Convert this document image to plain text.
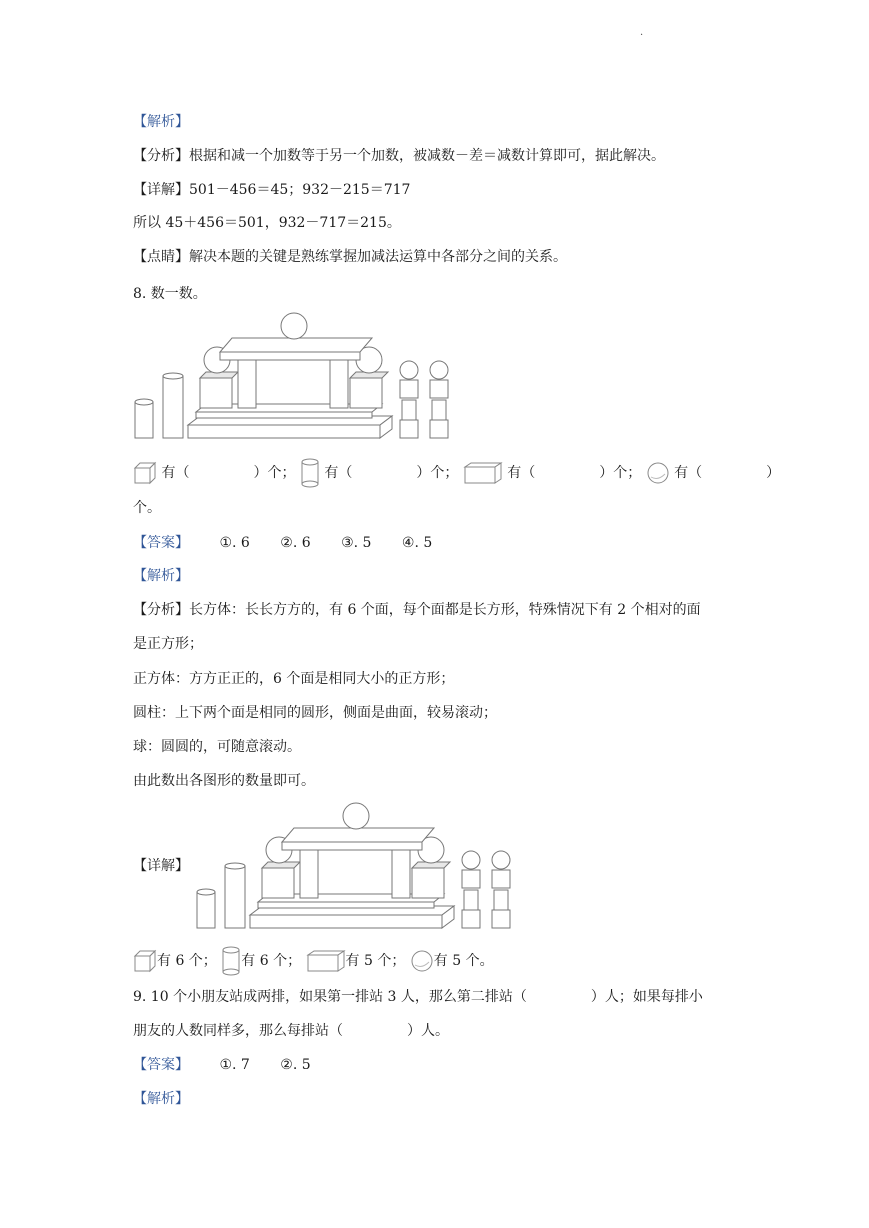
·
【解析】
【分析】根据和减一个加数等于另一个加数，被减数－差＝减数计算即可，据此解决。
【详解】501－456＝45；932－215＝717
所以 45＋456＝501，932－717＝215。
【点睛】解决本题的关键是熟练掌握加减法运算中各部分之间的关系。
8. 数一数。
有（	）个； 有（	）个；	有（	）个； 有（	）
个。
【答案】 ①. 6 ②. 6 ③. 5 ④. 5
【解析】
【分析】长方体：长长方方的，有 6 个面，每个面都是长方形，特殊情况下有 2 个相对的面
是正方形；
正方体：方方正正的，6 个面是相同大小的正方形；
圆柱：上下两个面是相同的圆形，侧面是曲面，较易滚动；
球：圆圆的，可随意滚动。
由此数出各图形的数量即可。
【详解】
有 6 个； 有 6 个；	有 5 个； 有 5 个。
9. 10 个小朋友站成两排，如果第一排站 3 人，那么第二排站（	）人；如果每排小
朋友的人数同样多，那么每排站（	）人。
【答案】 ①. 7 ②. 5
【解析】
